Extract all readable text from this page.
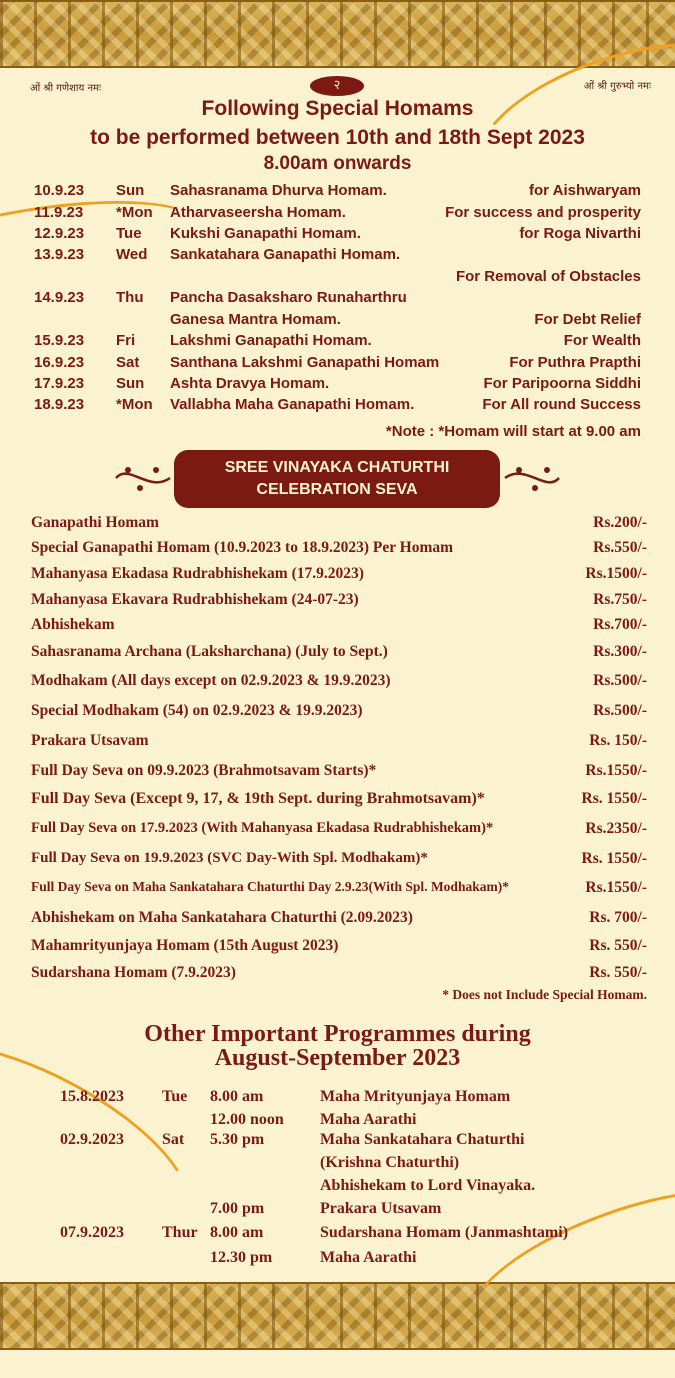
ओं श्री गणेशाय नमः	ओं श्री गुरुभ्यो नमः
२
Following Special Homams
to be performed between 10th and 18th Sept 2023
8.00am onwards
10.9.23 Sun Sahasranama Dhurva Homam.	for Aishwaryam
11.9.23 *Mon Atharvaseersha Homam.	For success and prosperity
12.9.23 Tue Kukshi Ganapathi Homam.	for Roga Nivarthi
13.9.23 Wed Sankatahara Ganapathi Homam.
For Removal of Obstacles
14.9.23 Thu Pancha Dasaksharo Runaharthru
Ganesa Mantra Homam.	For Debt Relief
15.9.23 Fri Lakshmi Ganapathi Homam.	For Wealth
16.9.23 Sat Santhana Lakshmi Ganapathi Homam	For Puthra Prapthi
17.9.23 Sun Ashta Dravya Homam.	For Paripoorna Siddhi
18.9.23 *Mon Vallabha Maha Ganapathi Homam.	For All round Success
*Note : *Homam will start at 9.00 am
SREE VINAYAKA CHATURTHI
CELEBRATION SEVA
Ganapathi Homam	Rs.200/-
Special Ganapathi Homam (10.9.2023 to 18.9.2023) Per Homam	Rs.550/-
Mahanyasa Ekadasa Rudrabhishekam (17.9.2023)	Rs.1500/-
Mahanyasa Ekavara Rudrabhishekam (24-07-23)	Rs.750/-
Abhishekam	Rs.700/-
Sahasranama Archana (Laksharchana) (July to Sept.)	Rs.300/-
Modhakam (All days except on 02.9.2023 & 19.9.2023)	Rs.500/-
Special Modhakam (54) on 02.9.2023 & 19.9.2023)	Rs.500/-
Prakara Utsavam	Rs. 150/-
Full Day Seva on 09.9.2023 (Brahmotsavam Starts)*	Rs.1550/-
Full Day Seva (Except 9, 17, & 19th Sept. during Brahmotsavam)*	Rs. 1550/-
Full Day Seva on 17.9.2023 (With Mahanyasa Ekadasa Rudrabhishekam)*	Rs.2350/-
Full Day Seva on 19.9.2023 (SVC Day-With Spl. Modhakam)*	Rs. 1550/-
Full Day Seva on Maha Sankatahara Chaturthi Day 2.9.23(With Spl. Modhakam)*	Rs.1550/-
Abhishekam on Maha Sankatahara Chaturthi (2.09.2023)	Rs. 700/-
Mahamrityunjaya Homam (15th August 2023)	Rs. 550/-
Sudarshana Homam (7.9.2023)	Rs. 550/-
* Does not Include Special Homam.
Other Important Programmes during
August-September 2023
15.8.2023 Tue 8.00 am	Maha Mrityunjaya Homam
12.00 noon Maha Aarathi
02.9.2023 Sat 5.30 pm	Maha Sankatahara Chaturthi
(Krishna Chaturthi)
Abhishekam to Lord Vinayaka.
7.00 pm	Prakara Utsavam
07.9.2023 Thur 8.00 am	Sudarshana Homam (Janmashtami)
12.30 pm	Maha Aarathi
